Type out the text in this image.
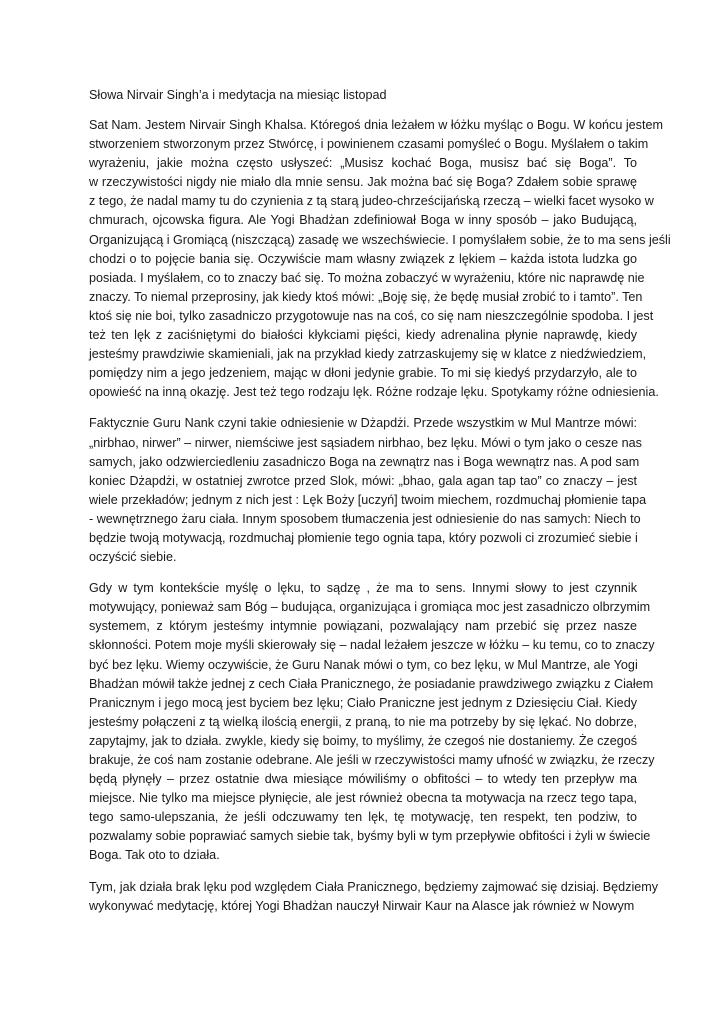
Słowa Nirvair Singh’a i medytacja na miesiąc listopad
Sat Nam. Jestem Nirvair Singh Khalsa. Któregoś dnia leżałem w łóżku myśląc o Bogu. W końcu jestem
stworzeniem stworzonym przez Stwórcę, i powinienem czasami pomyśleć o Bogu. Myślałem o takim
wyrażeniu, jakie można często usłyszeć: „Musisz kochać Boga, musisz bać się Boga”. To
w rzeczywistości nigdy nie miało dla mnie sensu. Jak można bać się Boga? Zdałem sobie sprawę
z tego, że nadal mamy tu do czynienia z tą starą judeo-chrześcijańską rzeczą – wielki facet wysoko w
chmurach, ojcowska figura. Ale Yogi Bhadżan zdefiniował Boga w inny sposób – jako Budującą,
Organizującą i Gromiącą (niszczącą) zasadę we wszechświecie. I pomyślałem sobie, że to ma sens jeśli
chodzi o to pojęcie bania się. Oczywiście mam własny związek z lękiem – każda istota ludzka go
posiada. I myślałem, co to znaczy bać się. To można zobaczyć w wyrażeniu, które nic naprawdę nie
znaczy. To niemal przeprosiny, jak kiedy ktoś mówi: „Boję się, że będę musiał zrobić to i tamto”. Ten
ktoś się nie boi, tylko zasadniczo przygotowuje nas na coś, co się nam nieszczególnie spodoba. I jest
też ten lęk z zaciśniętymi do białości kłykciami pięści, kiedy adrenalina płynie naprawdę, kiedy
jesteśmy prawdziwie skamieniali, jak na przykład kiedy zatrzaskujemy się w klatce z niedźwiedziem,
pomiędzy nim a jego jedzeniem, mając w dłoni jedynie grabie. To mi się kiedyś przydarzyło, ale to
opowieść na inną okazję. Jest też tego rodzaju lęk. Różne rodzaje lęku. Spotykamy różne odniesienia.
Faktycznie Guru Nank czyni takie odniesienie w Dżapdżi. Przede wszystkim w Mul Mantrze mówi:
„nirbhao, nirwer” – nirwer, niemściwe jest sąsiadem nirbhao, bez lęku. Mówi o tym jako o cesze nas
samych, jako odzwierciedleniu zasadniczo Boga na zewnątrz nas i Boga wewnątrz nas. A pod sam
koniec Dżapdżi, w ostatniej zwrotce przed Slok, mówi: „bhao, gala agan tap tao” co znaczy – jest
wiele przekładów; jednym z nich jest : Lęk Boży [uczyń] twoim miechem, rozdmuchaj płomienie tapa
- wewnętrznego żaru ciała. Innym sposobem tłumaczenia jest odniesienie do nas samych: Niech to
będzie twoją motywacją, rozdmuchaj płomienie tego ognia tapa, który pozwoli ci zrozumieć siebie i
oczyścić siebie.
Gdy w tym kontekście myślę o lęku, to sądzę , że ma to sens. Innymi słowy to jest czynnik
motywujący, ponieważ sam Bóg – budująca, organizująca i gromiąca moc jest zasadniczo olbrzymim
systemem, z którym jesteśmy intymnie powiązani, pozwalający nam przebić się przez nasze
skłonności. Potem moje myśli skierowały się – nadal leżałem jeszcze w łóżku – ku temu, co to znaczy
być bez lęku. Wiemy oczywiście, że Guru Nanak mówi o tym, co bez lęku, w Mul Mantrze, ale Yogi
Bhadżan mówił także jednej z cech Ciała Pranicznego, że posiadanie prawdziwego związku z Ciałem
Pranicznym i jego mocą jest byciem bez lęku; Ciało Praniczne jest jednym z Dziesięciu Ciał. Kiedy
jesteśmy połączeni z tą wielką ilością energii, z praną, to nie ma potrzeby by się lękać. No dobrze,
zapytajmy, jak to działa. zwykle, kiedy się boimy, to myślimy, że czegoś nie dostaniemy. Że czegoś
brakuje, że coś nam zostanie odebrane. Ale jeśli w rzeczywistości mamy ufność w związku, że rzeczy
będą płynęły – przez ostatnie dwa miesiące mówiliśmy o obfitości – to wtedy ten przepływ ma
miejsce. Nie tylko ma miejsce płynięcie, ale jest również obecna ta motywacja na rzecz tego tapa,
tego samo-ulepszania, że jeśli odczuwamy ten lęk, tę motywację, ten respekt, ten podziw, to
pozwalamy sobie poprawiać samych siebie tak, byśmy byli w tym przepływie obfitości i żyli w świecie
Boga. Tak oto to działa.
Tym, jak działa brak lęku pod względem Ciała Pranicznego, będziemy zajmować się dzisiaj. Będziemy
wykonywać medytację, której Yogi Bhadżan nauczył Nirwair Kaur na Alasce jak również w Nowym
